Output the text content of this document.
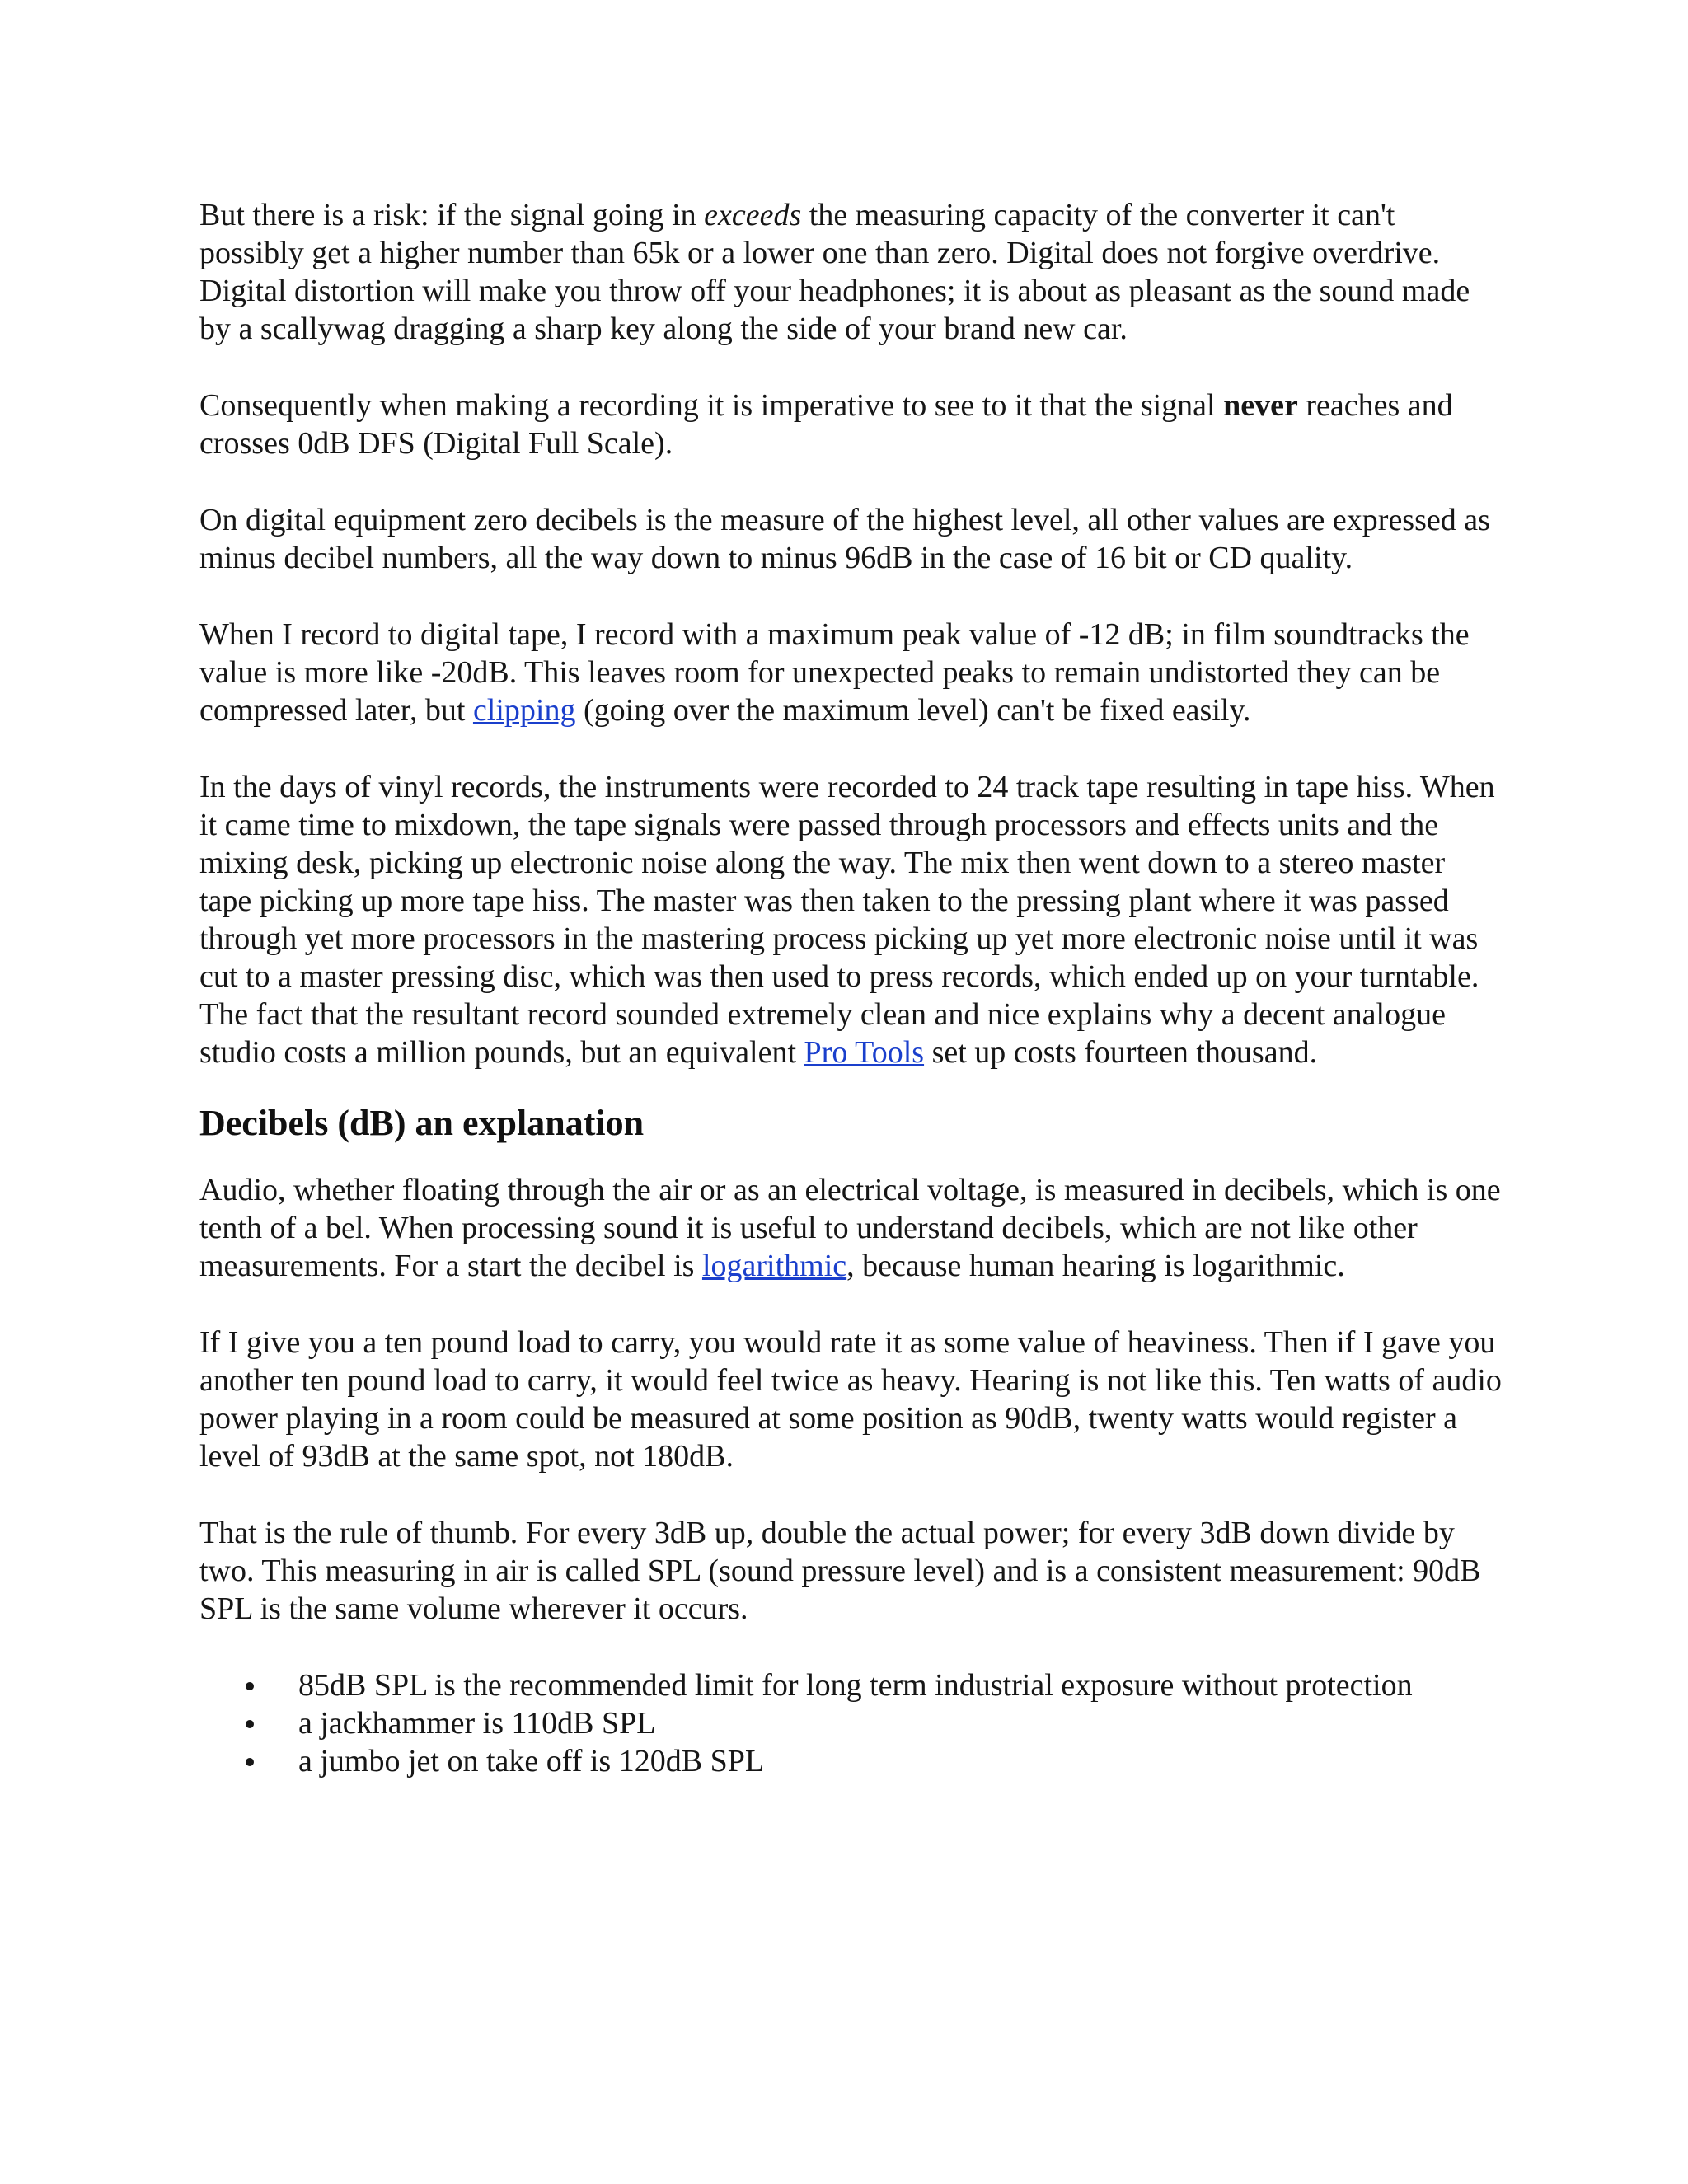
But there is a risk: if the signal going in exceeds the measuring capacity of the converter it can't possibly get a higher number than 65k or a lower one than zero. Digital does not forgive overdrive. Digital distortion will make you throw off your headphones; it is about as pleasant as the sound made by a scallywag dragging a sharp key along the side of your brand new car.

Consequently when making a recording it is imperative to see to it that the signal never reaches and crosses 0dB DFS (Digital Full Scale).

On digital equipment zero decibels is the measure of the highest level, all other values are expressed as minus decibel numbers, all the way down to minus 96dB in the case of 16 bit or CD quality.

When I record to digital tape, I record with a maximum peak value of -12 dB; in film soundtracks the value is more like -20dB. This leaves room for unexpected peaks to remain undistorted they can be compressed later, but clipping (going over the maximum level) can't be fixed easily.

In the days of vinyl records, the instruments were recorded to 24 track tape resulting in tape hiss. When it came time to mixdown, the tape signals were passed through processors and effects units and the mixing desk, picking up electronic noise along the way. The mix then went down to a stereo master tape picking up more tape hiss. The master was then taken to the pressing plant where it was passed through yet more processors in the mastering process picking up yet more electronic noise until it was cut to a master pressing disc, which was then used to press records, which ended up on your turntable. The fact that the resultant record sounded extremely clean and nice explains why a decent analogue studio costs a million pounds, but an equivalent Pro Tools set up costs fourteen thousand.

Decibels (dB) an explanation

Audio, whether floating through the air or as an electrical voltage, is measured in decibels, which is one tenth of a bel. When processing sound it is useful to understand decibels, which are not like other measurements. For a start the decibel is logarithmic, because human hearing is logarithmic.

If I give you a ten pound load to carry, you would rate it as some value of heaviness. Then if I gave you another ten pound load to carry, it would feel twice as heavy. Hearing is not like this. Ten watts of audio power playing in a room could be measured at some position as 90dB, twenty watts would register a level of 93dB at the same spot, not 180dB.

That is the rule of thumb. For every 3dB up, double the actual power; for every 3dB down divide by two. This measuring in air is called SPL (sound pressure level) and is a consistent measurement: 90dB SPL is the same volume wherever it occurs.

85dB SPL is the recommended limit for long term industrial exposure without protection
a jackhammer is 110dB SPL
a jumbo jet on take off is 120dB SPL
